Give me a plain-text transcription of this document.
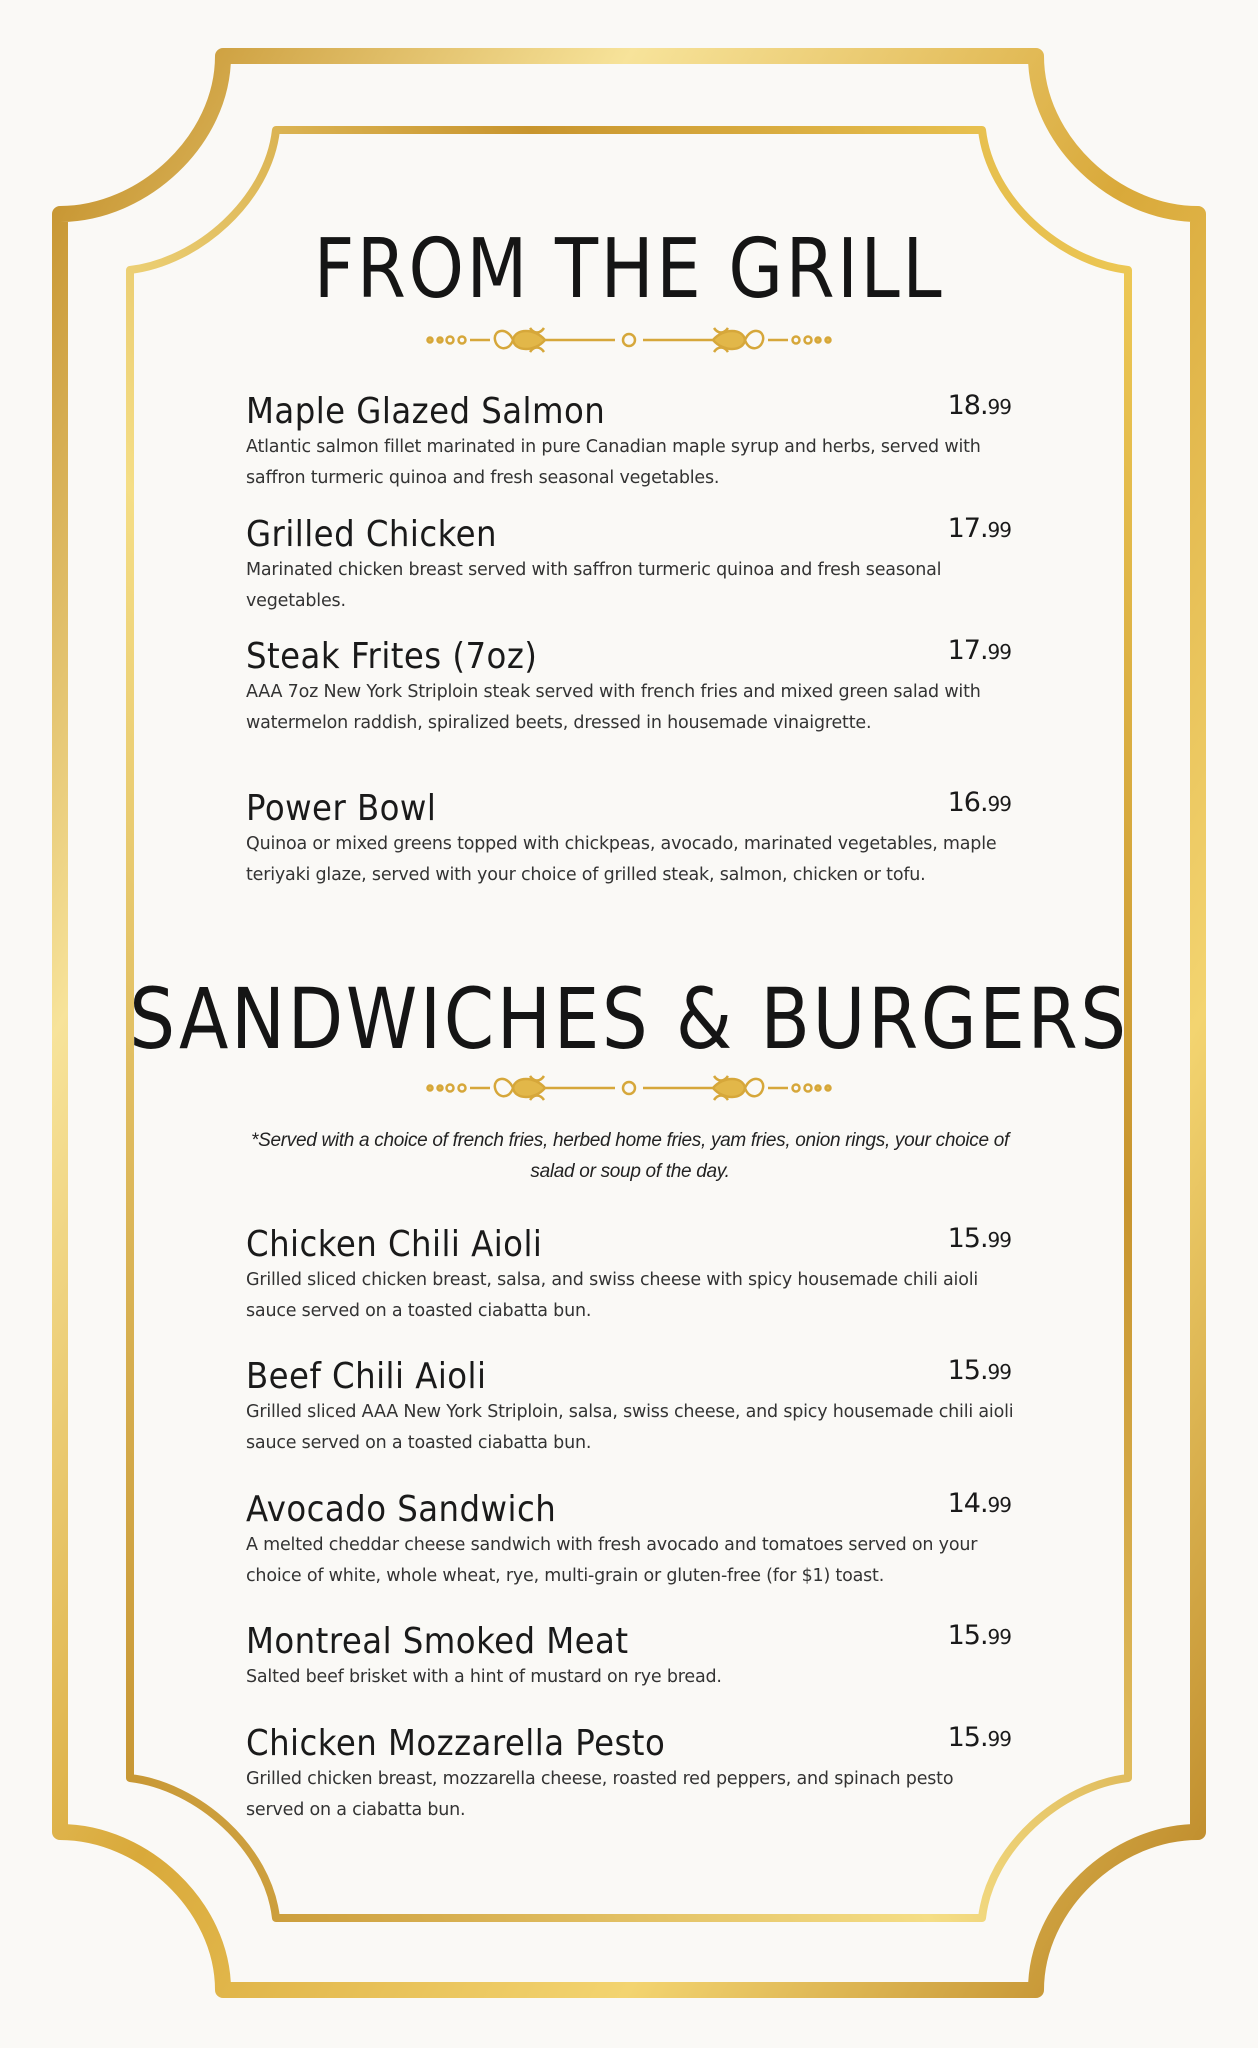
FROM THE GRILL
Maple Glazed Salmon	18.99
Atlantic salmon fillet marinated in pure Canadian maple syrup and herbs, served with saffron turmeric quinoa and fresh seasonal vegetables.
Grilled Chicken	17.99
Marinated chicken breast served with saffron turmeric quinoa and fresh seasonal vegetables.
Steak Frites (7oz)	17.99
AAA 7oz New York Striploin steak served with french fries and mixed green salad with watermelon raddish, spiralized beets, dressed in housemade vinaigrette.
Power Bowl	16.99
Quinoa or mixed greens topped with chickpeas, avocado, marinated vegetables, maple teriyaki glaze, served with your choice of grilled steak, salmon, chicken or tofu.
SANDWICHES & BURGERS
*Served with a choice of french fries, herbed home fries, yam fries, onion rings, your choice of salad or soup of the day.
Chicken Chili Aioli	15.99
Grilled sliced chicken breast, salsa, and swiss cheese with spicy housemade chili aioli sauce served on a toasted ciabatta bun.
Beef Chili Aioli	15.99
Grilled sliced AAA New York Striploin, salsa, swiss cheese, and spicy housemade chili aioli sauce served on a toasted ciabatta bun.
Avocado Sandwich	14.99
A melted cheddar cheese sandwich with fresh avocado and tomatoes served on your choice of white, whole wheat, rye, multi-grain or gluten-free (for $1) toast.
Montreal Smoked Meat	15.99
Salted beef brisket with a hint of mustard on rye bread.
Chicken Mozzarella Pesto	15.99
Grilled chicken breast, mozzarella cheese, roasted red peppers, and spinach pesto served on a ciabatta bun.
